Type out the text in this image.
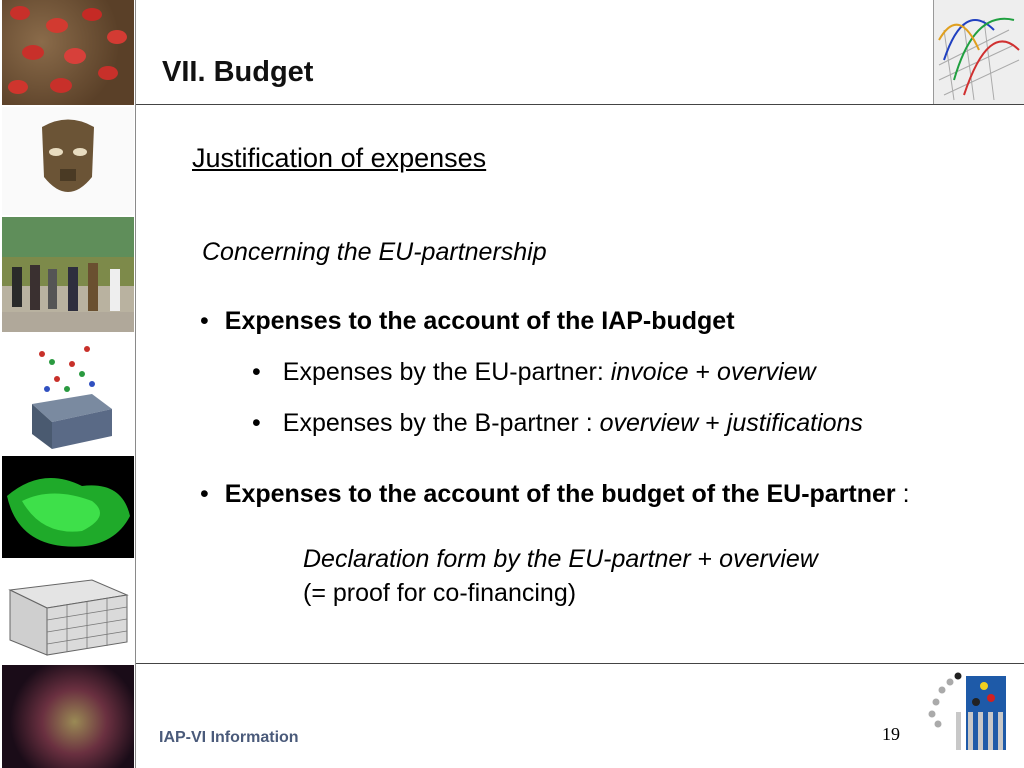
VII. Budget
Justification of expenses
Concerning the EU-partnership
• Expenses to the account of the IAP-budget
• Expenses by the EU-partner: invoice + overview
• Expenses by the B-partner : overview + justifications
• Expenses to the account of the budget of the EU-partner :
Declaration form by the EU-partner + overview
(= proof for co-financing)
IAP-VI Information	19
